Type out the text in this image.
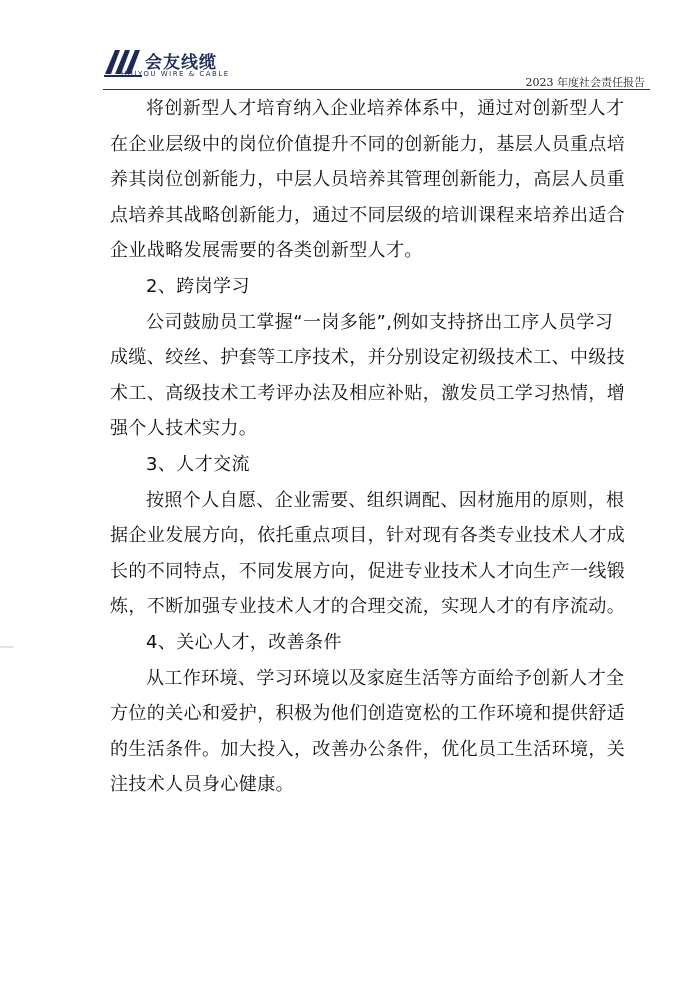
会友线缆
HUIYOU WIRE & CABLE
2023 年度社会责任报告

将创新型人才培育纳入企业培养体系中，通过对创新型人才在企业层级中的岗位价值提升不同的创新能力，基层人员重点培养其岗位创新能力，中层人员培养其管理创新能力，高层人员重点培养其战略创新能力，通过不同层级的培训课程来培养出适合企业战略发展需要的各类创新型人才。

2、跨岗学习

公司鼓励员工掌握“一岗多能”,例如支持挤出工序人员学习成缆、绞丝、护套等工序技术，并分别设定初级技术工、中级技术工、高级技术工考评办法及相应补贴，激发员工学习热情，增强个人技术实力。

3、人才交流

按照个人自愿、企业需要、组织调配、因材施用的原则，根据企业发展方向，依托重点项目，针对现有各类专业技术人才成长的不同特点，不同发展方向，促进专业技术人才向生产一线锻炼，不断加强专业技术人才的合理交流，实现人才的有序流动。

4、关心人才，改善条件

从工作环境、学习环境以及家庭生活等方面给予创新人才全方位的关心和爱护，积极为他们创造宽松的工作环境和提供舒适的生活条件。加大投入，改善办公条件，优化员工生活环境，关注技术人员身心健康。
